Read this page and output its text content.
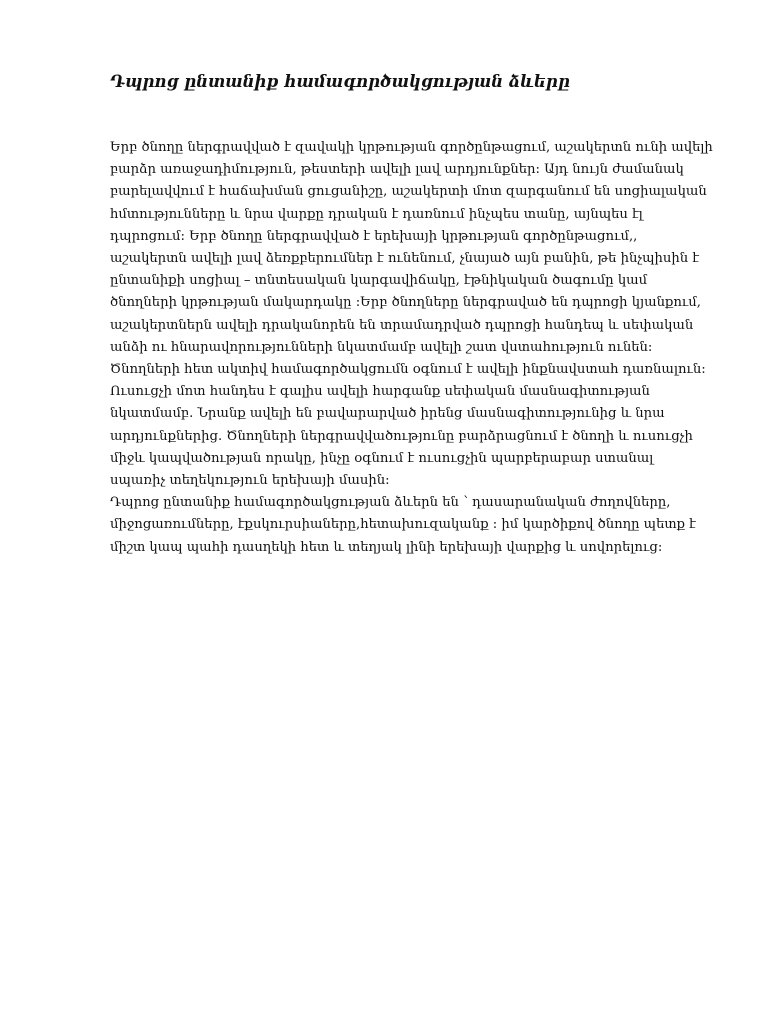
Դպրոց ընտանիք համագործակցության ձևերը
Երբ ծնողը ներգրավված է զավակի կրթության գործընթացում, աշակերտն ունի ավելի
բարձր առաջադիմություն, թեստերի ավելի լավ արդյունքներ: Այդ նույն ժամանակ
բարելավվում է հաճախման ցուցանիշը, աշակերտի մոտ զարգանում են սոցիալական
հմտությունները և նրա վարքը դրական է դառնում ինչպես տանը, այնպես էլ
դպրոցում: Երբ ծնողը ներգրավված է երեխայի կրթության գործընթացում,,
աշակերտն ավելի լավ ձեռքբերումներ է ունենում, չնայած այն բանին, թե ինչպիսին է
ընտանիքի սոցիալ – տնտեսական կարգավիճակը, էթնիկական ծագումը կամ
ծնողների կրթության մակարդակը :Երբ ծնողները ներգրաված են դպրոցի կյանքում,
աշակերտներն ավելի դրականորեն են տրամադրված դպրոցի հանդեպ և սեփական
անձի ու հնարավորությունների նկատմամբ ավելի շատ վստահություն ունեն:
Ծնողների հետ ակտիվ համագործակցումն օգնում է ավելի ինքնավստահ դառնալուն:
Ուսուցչի մոտ հանդես է գալիս ավելի հարգանք սեփական մասնագիտության
նկատմամբ. Նրանք ավելի են բավարարված իրենց մասնագիտությունից և նրա
արդյունքներից. Ծնողների ներգրավվածությունը բարձրացնում է ծնողի և ուսուցչի
միջև կապվածության որակը, ինչը օգնում է ուսուցչին պարբերաբար ստանալ
սպառիչ տեղեկություն երեխայի մասին:
Դպրոց ընտանիք համագործակցության ձևերն են ՝ դասարանական ժողովները,
միջոցառումները, էքսկուրսիաները,հետախուզականք : իմ կարծիքով ծնողը պետք է
միշտ կապ պահի դասղեկի հետ և տեղյակ լինի երեխայի վարքից և սովորելուց:
